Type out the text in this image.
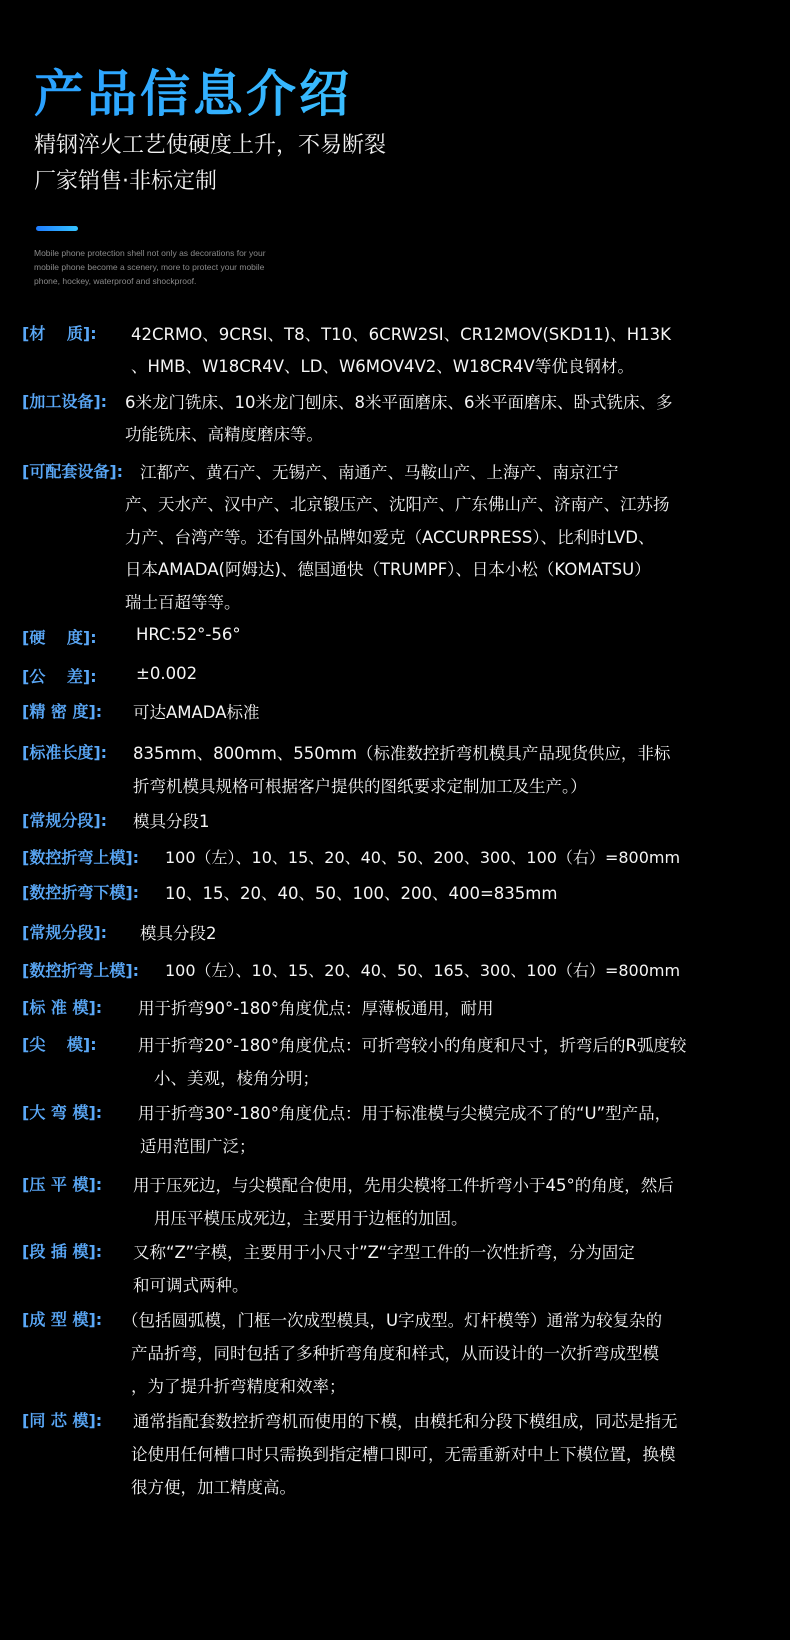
产品信息介绍
精钢淬火工艺使硬度上升，不易断裂
厂家销售·非标定制
Mobile phone protection shell not only as decorations for your
mobile phone become a scenery, more to protect your mobile
phone, hockey, waterproof and shockproof.
[材　 质]: 42CRMO、9CRSI、T8、T10、6CRW2SI、CR12MOV(SKD11)、H13K
、HMB、W18CR4V、LD、W6MOV4V2、W18CR4V等优良钢材。
[加工设备]: 6米龙门铣床、10米龙门刨床、8米平面磨床、6米平面磨床、卧式铣床、多
功能铣床、高精度磨床等。
[可配套设备]: 江都产、黄石产、无锡产、南通产、马鞍山产、上海产、南京江宁
产、天水产、汉中产、北京锻压产、沈阳产、广东佛山产、济南产、江苏扬
力产、台湾产等。还有国外品牌如爱克（ACCURPRESS）、比利时LVD、
日本AMADA(阿姆达)、德国通快（TRUMPF）、日本小松（KOMATSU）
瑞士百超等等。
[硬　 度]: HRC:52°-56°
[公　 差]: ±0.002
[精 密 度]: 可达AMADA标准
[标准长度]: 835mm、800mm、550mm（标准数控折弯机模具产品现货供应，非标
折弯机模具规格可根据客户提供的图纸要求定制加工及生产。）
[常规分段]: 模具分段1
[数控折弯上模]: 100（左）、10、15、20、40、50、200、300、100（右）=800mm
[数控折弯下模]: 10、15、20、40、50、100、200、400=835mm
[常规分段]: 模具分段2
[数控折弯上模]: 100（左）、10、15、20、40、50、165、300、100（右）=800mm
[标 准 模]: 用于折弯90°-180°角度优点：厚薄板通用，耐用
[尖　 模]:	用于折弯20°-180°角度优点：可折弯较小的角度和尺寸，折弯后的R弧度较
小、美观，棱角分明；
[大 弯 模]: 用于折弯30°-180°角度优点：用于标准模与尖模完成不了的“U”型产品，
适用范围广泛；
[压 平 模]: 用于压死边，与尖模配合使用，先用尖模将工件折弯小于45°的角度，然后
用压平模压成死边，主要用于边框的加固。
[段 插 模]: 又称“Z”字模，主要用于小尺寸”Z“字型工件的一次性折弯，分为固定
和可调式两种。
[成 型 模]: （包括圆弧模，门框一次成型模具，U字成型。灯杆模等）通常为较复杂的
产品折弯，同时包括了多种折弯角度和样式，从而设计的一次折弯成型模
，为了提升折弯精度和效率；
[同 芯 模]: 通常指配套数控折弯机而使用的下模，由模托和分段下模组成，同芯是指无
论使用任何槽口时只需换到指定槽口即可，无需重新对中上下模位置，换模
很方便，加工精度高。
